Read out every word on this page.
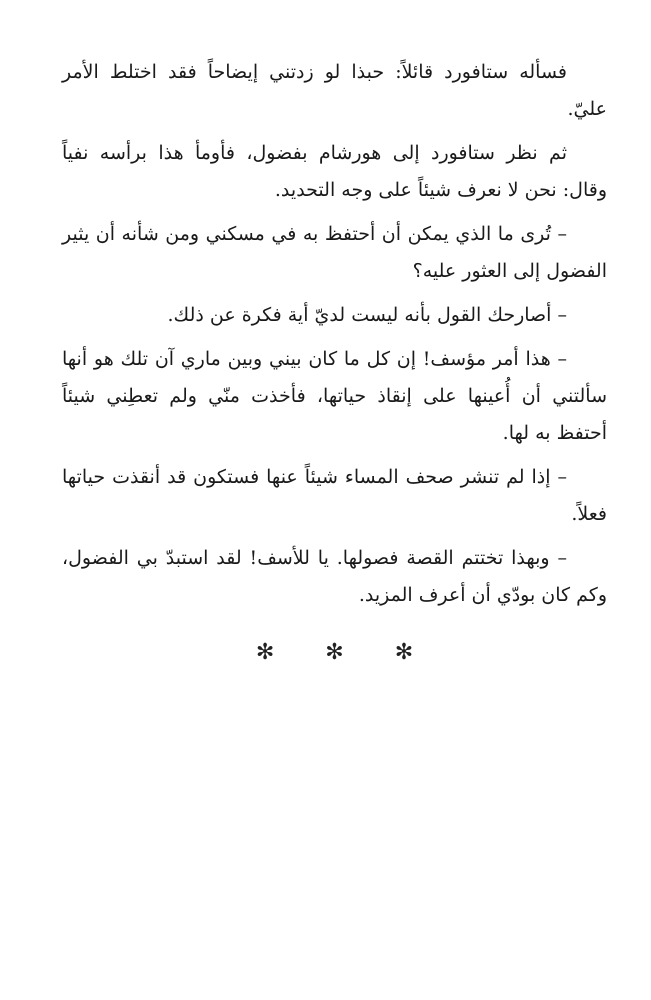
فسأله ستافورد قائلاً: حبذا لو زدتني إيضاحاً فقد اختلط الأمر عليّ.

ثم نظر ستافورد إلى هورشام بفضول، فأومأ هذا برأسه نفياً وقال: نحن لا نعرف شيئاً على وجه التحديد.

– تُرى ما الذي يمكن أن أحتفظ به في مسكني ومن شأنه أن يثير الفضول إلى العثور عليه؟

– أصارحك القول بأنه ليست لديّ أية فكرة عن ذلك.

– هذا أمر مؤسف! إن كل ما كان بيني وبين ماري آن تلك هو أنها سألتني أن أُعينها على إنقاذ حياتها، فأخذت منّي ولم تعطِني شيئاً أحتفظ به لها.

– إذا لم تنشر صحف المساء شيئاً عنها فستكون قد أنقذت حياتها فعلاً.

– وبهذا تختتم القصة فصولها. يا للأسف! لقد استبدّ بي الفضول، وكم كان بودّي أن أعرف المزيد.

✻ ✻ ✻
